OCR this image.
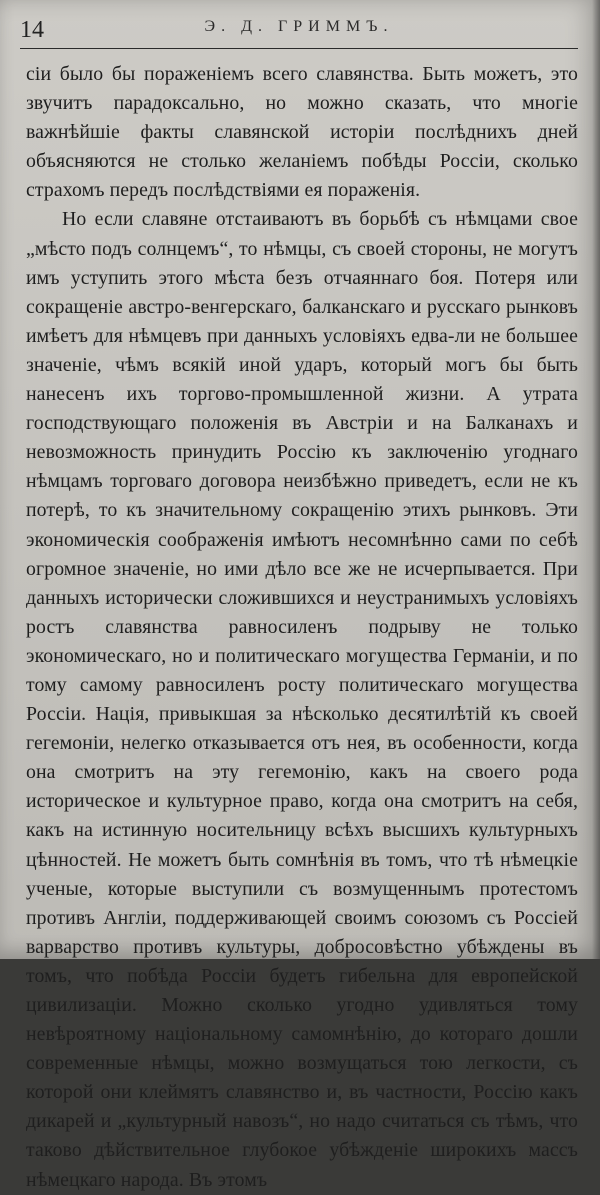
14	Э. Д. ГРИММЪ.

сіи было бы пораженіемъ всего славянства. Быть можетъ, это звучитъ парадоксально, но можно сказать, что многіе важнѣйшіе факты славянской исторіи послѣднихъ дней объясняются не столько желаніемъ побѣды Россіи, сколько страхомъ передъ послѣдствіями ея пораженія.

Но если славяне отстаиваютъ въ борьбѣ съ нѣмцами свое „мѣсто подъ солнцемъ“, то нѣмцы, съ своей стороны, не могутъ имъ уступить этого мѣста безъ отчаяннаго боя. Потеря или сокращеніе австро-венгерскаго, балканскаго и русскаго рынковъ имѣетъ для нѣмцевъ при данныхъ условіяхъ едва-ли не большее значеніе, чѣмъ всякій иной ударъ, который могъ бы быть нанесенъ ихъ торгово-промышленной жизни. А утрата господствующаго положенія въ Австріи и на Балканахъ и невозможность принудить Россію къ заключенію угоднаго нѣмцамъ торговаго договора неизбѣжно приведетъ, если не къ потерѣ, то къ значительному сокращенію этихъ рынковъ. Эти экономическія соображенія имѣютъ несомнѣнно сами по себѣ огромное значеніе, но ими дѣло все же не исчерпывается. При данныхъ исторически сложившихся и неустранимыхъ условіяхъ ростъ славянства равносиленъ подрыву не только экономическаго, но и политическаго могущества Германіи, и по тому самому равносиленъ росту политическаго могущества Россіи. Нація, привыкшая за нѣсколько десятилѣтій къ своей гегемоніи, нелегко отказывается отъ нея, въ особенности, когда она смотритъ на эту гегемонію, какъ на своего рода историческое и культурное право, когда она смотритъ на себя, какъ на истинную носительницу всѣхъ высшихъ культурныхъ цѣнностей. Не можетъ быть сомнѣнія въ томъ, что тѣ нѣмецкіе ученые, которые выступили съ возмущеннымъ протестомъ противъ Англіи, поддерживающей своимъ союзомъ съ Россіей варварство противъ культуры, добросовѣстно убѣждены въ томъ, что побѣда Россіи будетъ гибельна для европейской цивилизаціи. Можно сколько угодно удивляться тому невѣроятному національному самомнѣнію, до котораго дошли современные нѣмцы, можно возмущаться тою легкости, съ которой они клеймятъ славянство и, въ частности, Россію какъ дикарей и „культурный навозъ“, но надо считаться съ тѣмъ, что таково дѣйствительное глубокое убѣжденіе широкихъ массъ нѣмецкаго народа. Въ этомъ
